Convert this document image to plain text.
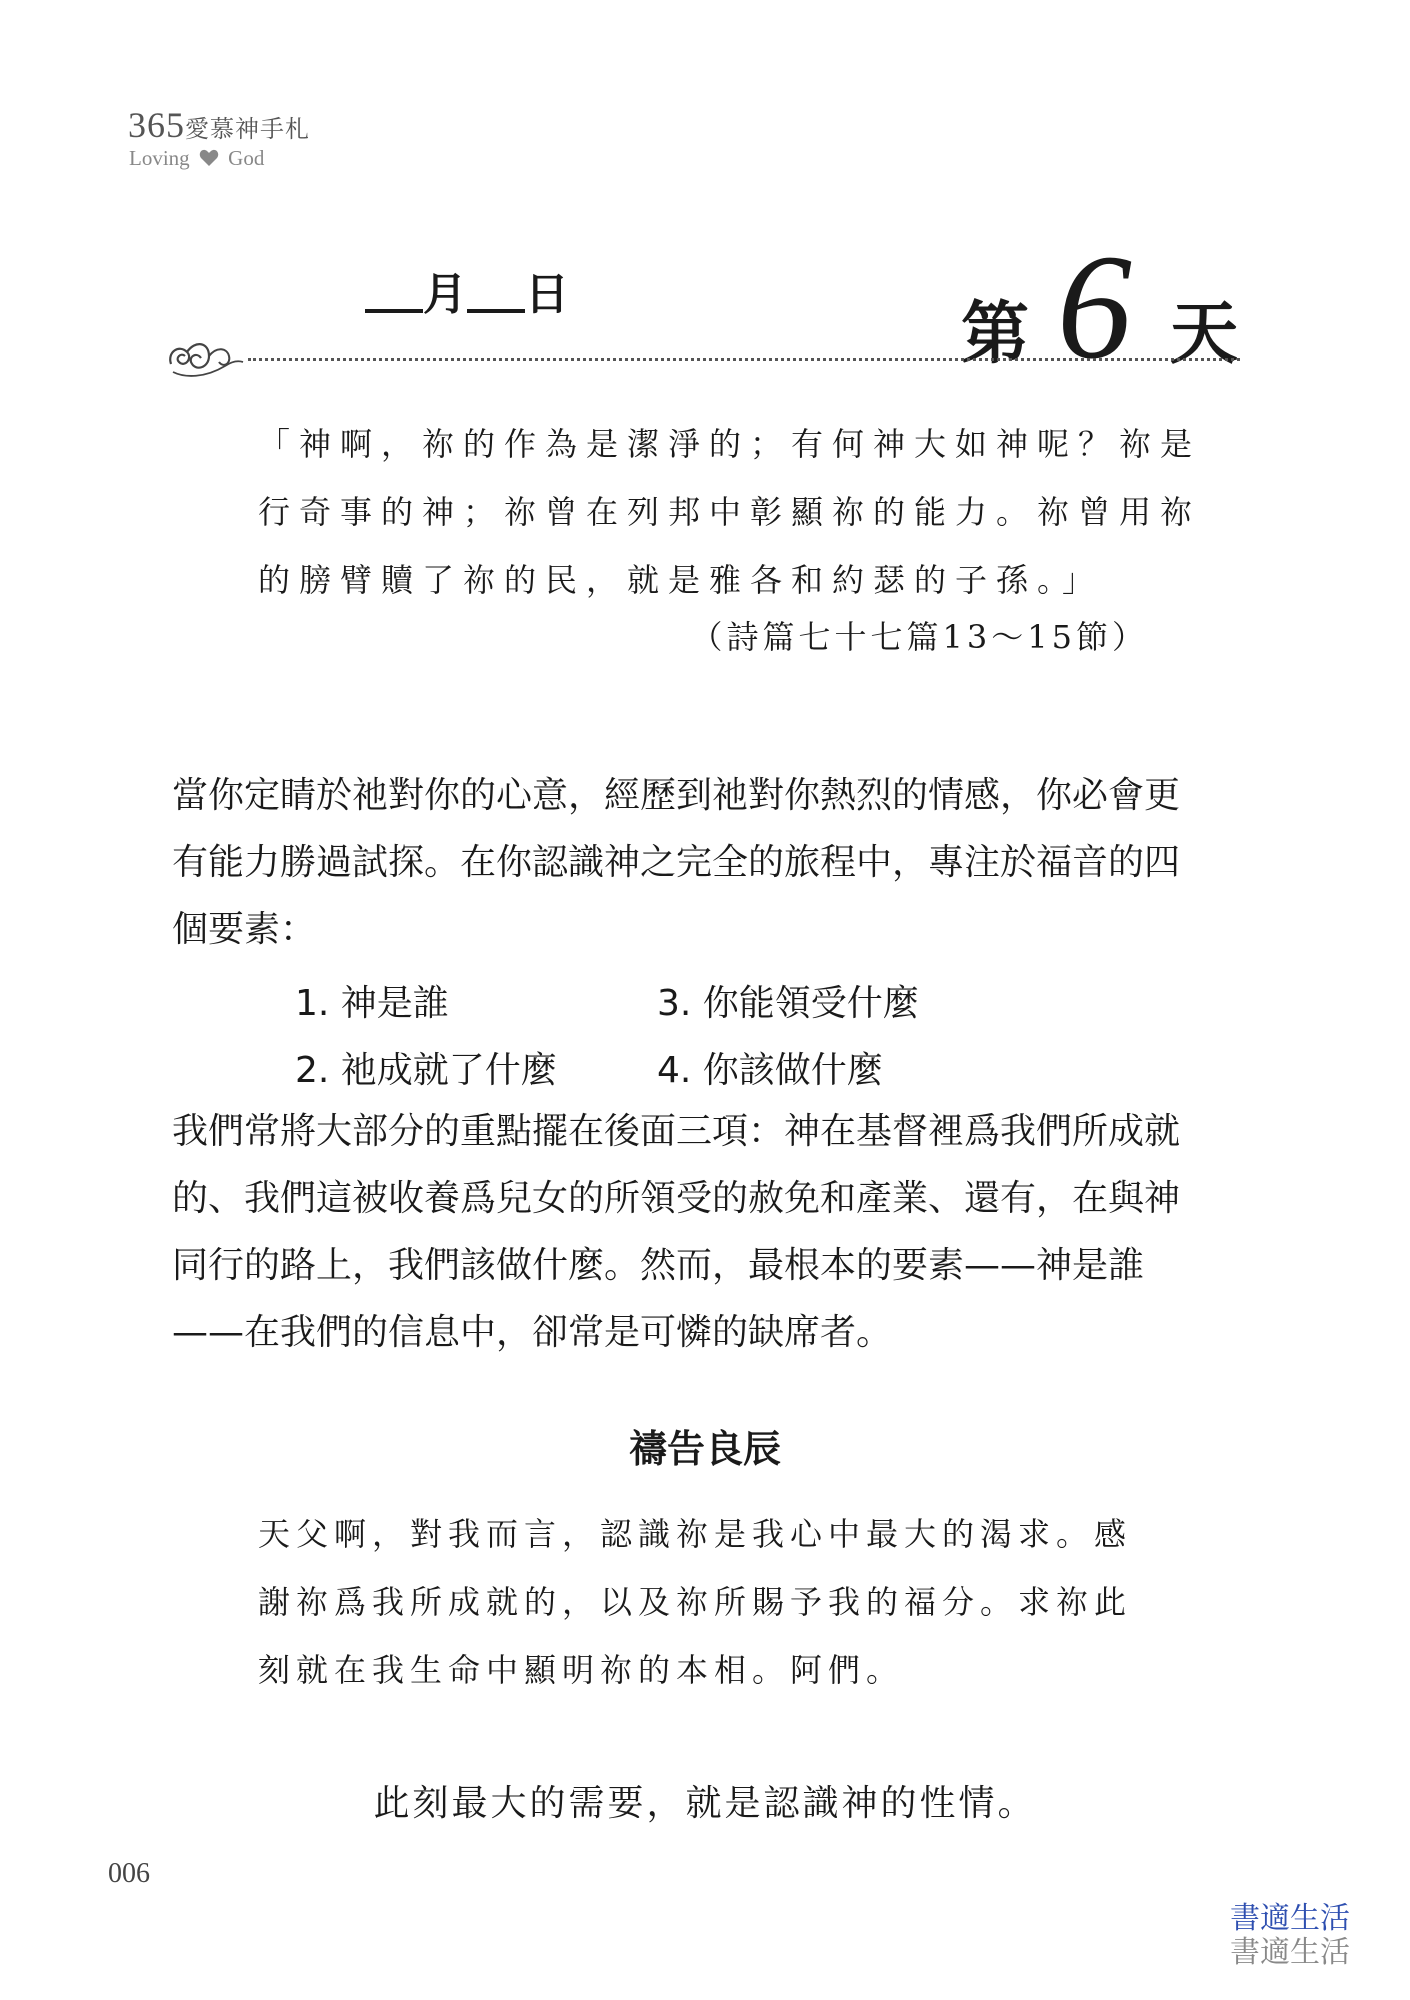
365愛慕神手札
Loving God
月 日	第 6 天

「神啊，祢的作為是潔淨的；有何神大如神呢？祢是

行奇事的神；祢曾在列邦中彰顯祢的能力。祢曾用祢

的膀臂贖了祢的民，就是雅各和約瑟的子孫。」

（詩篇七十七篇13～15節）

當你定睛於祂對你的心意，經歷到祂對你熱烈的情感，你必會更

有能力勝過試探。在你認識神之完全的旅程中，專注於福音的四

個要素：

1. 神是誰
2. 祂成就了什麼
3. 你能領受什麼
4. 你該做什麼

我們常將大部分的重點擺在後面三項：神在基督裡爲我們所成就

的、我們這被收養爲兒女的所領受的赦免和產業、還有，在與神

同行的路上，我們該做什麼。然而，最根本的要素——神是誰

——在我們的信息中，卻常是可憐的缺席者。

禱告良辰

天父啊，對我而言，認識祢是我心中最大的渴求。感

謝祢爲我所成就的，以及祢所賜予我的福分。求祢此

刻就在我生命中顯明祢的本相。阿們。

此刻最大的需要，就是認識神的性情。
006
書適生活
書適生活
